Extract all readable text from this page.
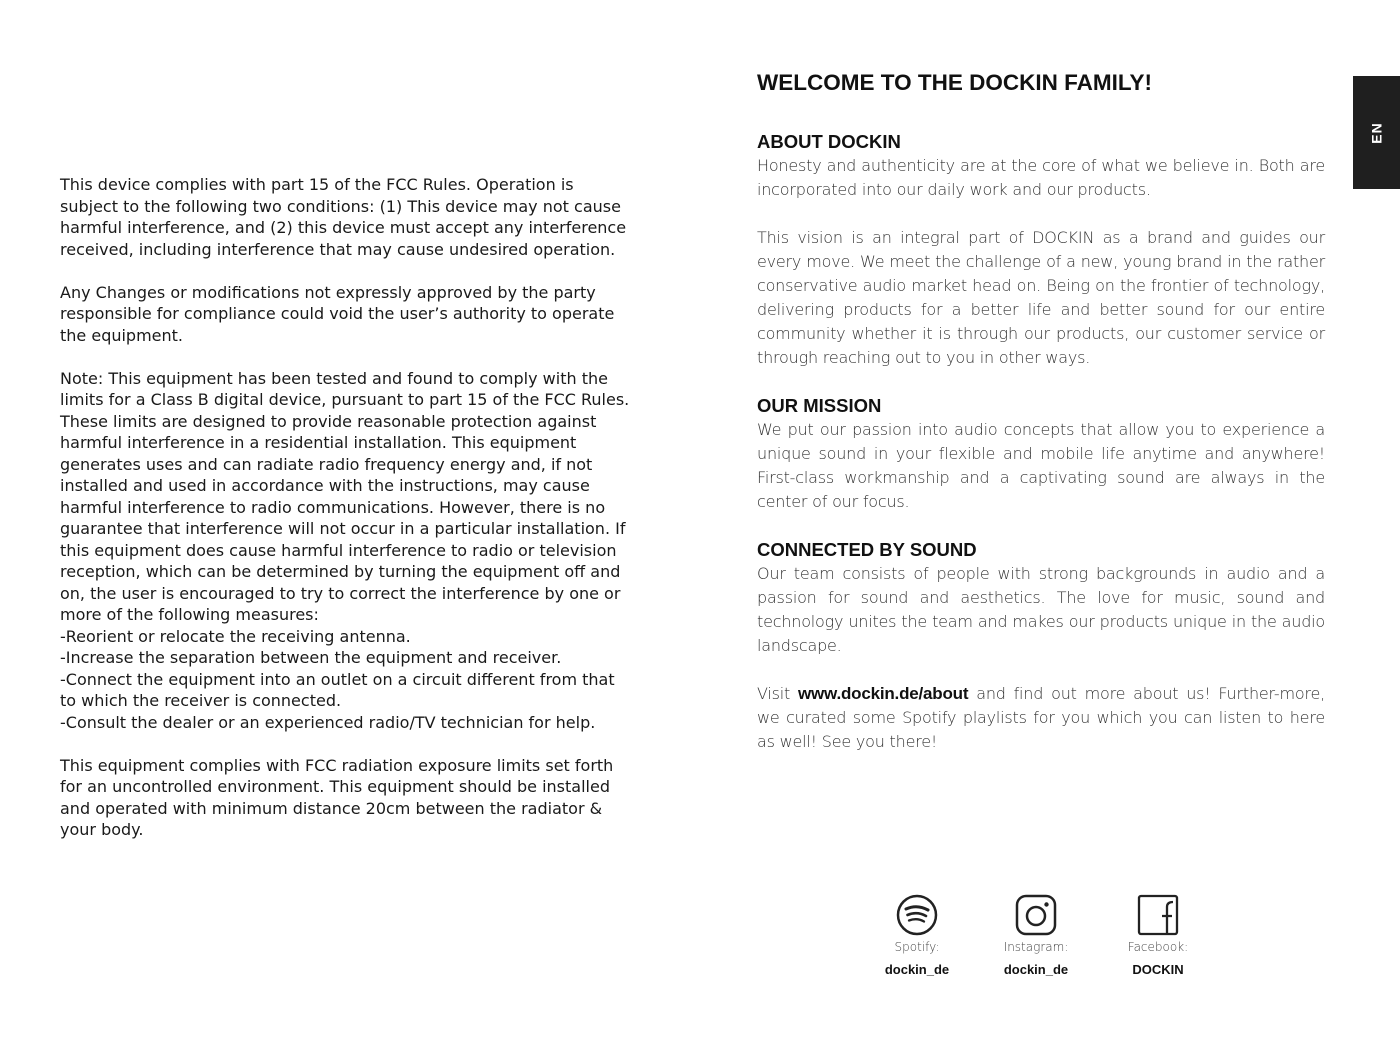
This device complies with part 15 of the FCC Rules. Operation is
subject to the following two conditions: (1) This device may not cause
harmful interference, and (2) this device must accept any interference
received, including interference that may cause undesired operation.

Any Changes or modifications not expressly approved by the party
responsible for compliance could void the user’s authority to operate
the equipment.

Note: This equipment has been tested and found to comply with the
limits for a Class B digital device, pursuant to part 15 of the FCC Rules.
These limits are designed to provide reasonable protection against
harmful interference in a residential installation. This equipment
generates uses and can radiate radio frequency energy and, if not
installed and used in accordance with the instructions, may cause
harmful interference to radio communications. However, there is no
guarantee that interference will not occur in a particular installation. If
this equipment does cause harmful interference to radio or television
reception, which can be determined by turning the equipment off and
on, the user is encouraged to try to correct the interference by one or
more of the following measures:
-Reorient or relocate the receiving antenna.
-Increase the separation between the equipment and receiver.
-Connect the equipment into an outlet on a circuit different from that
to which the receiver is connected.
-Consult the dealer or an experienced radio/TV technician for help.

This equipment complies with FCC radiation exposure limits set forth
for an uncontrolled environment. This equipment should be installed
and operated with minimum distance 20cm between the radiator &
your body.

WELCOME TO THE DOCKIN FAMILY!
ABOUT DOCKIN

Honesty and authenticity are at the core of what we believe in. Both are incorporated into our daily work and our products.

This vision is an integral part of DOCKIN as a brand and guides our every move. We meet the challenge of a new, young brand in the rather conservative audio market head on. Being on the frontier of technology, delivering products for a better life and better sound for our entire community whether it is through our products, our customer service or through reaching out to you in other ways.

OUR MISSION

We put our passion into audio concepts that allow you to experience a unique sound in your flexible and mobile life anytime and anywhere! First-class workmanship and a captivating sound are always in the center of our focus.

CONNECTED BY SOUND

Our team consists of people with strong backgrounds in audio and a passion for sound and aesthetics. The love for music, sound and technology unites the team and makes our products unique in the audio landscape.

Visit www.dockin.de/about and find out more about us! Further-more, we curated some Spotify playlists for you which you can listen to here as well! See you there!

EN
Spotify:
dockin_de
Instagram:
dockin_de
Facebook:
DOCKIN
